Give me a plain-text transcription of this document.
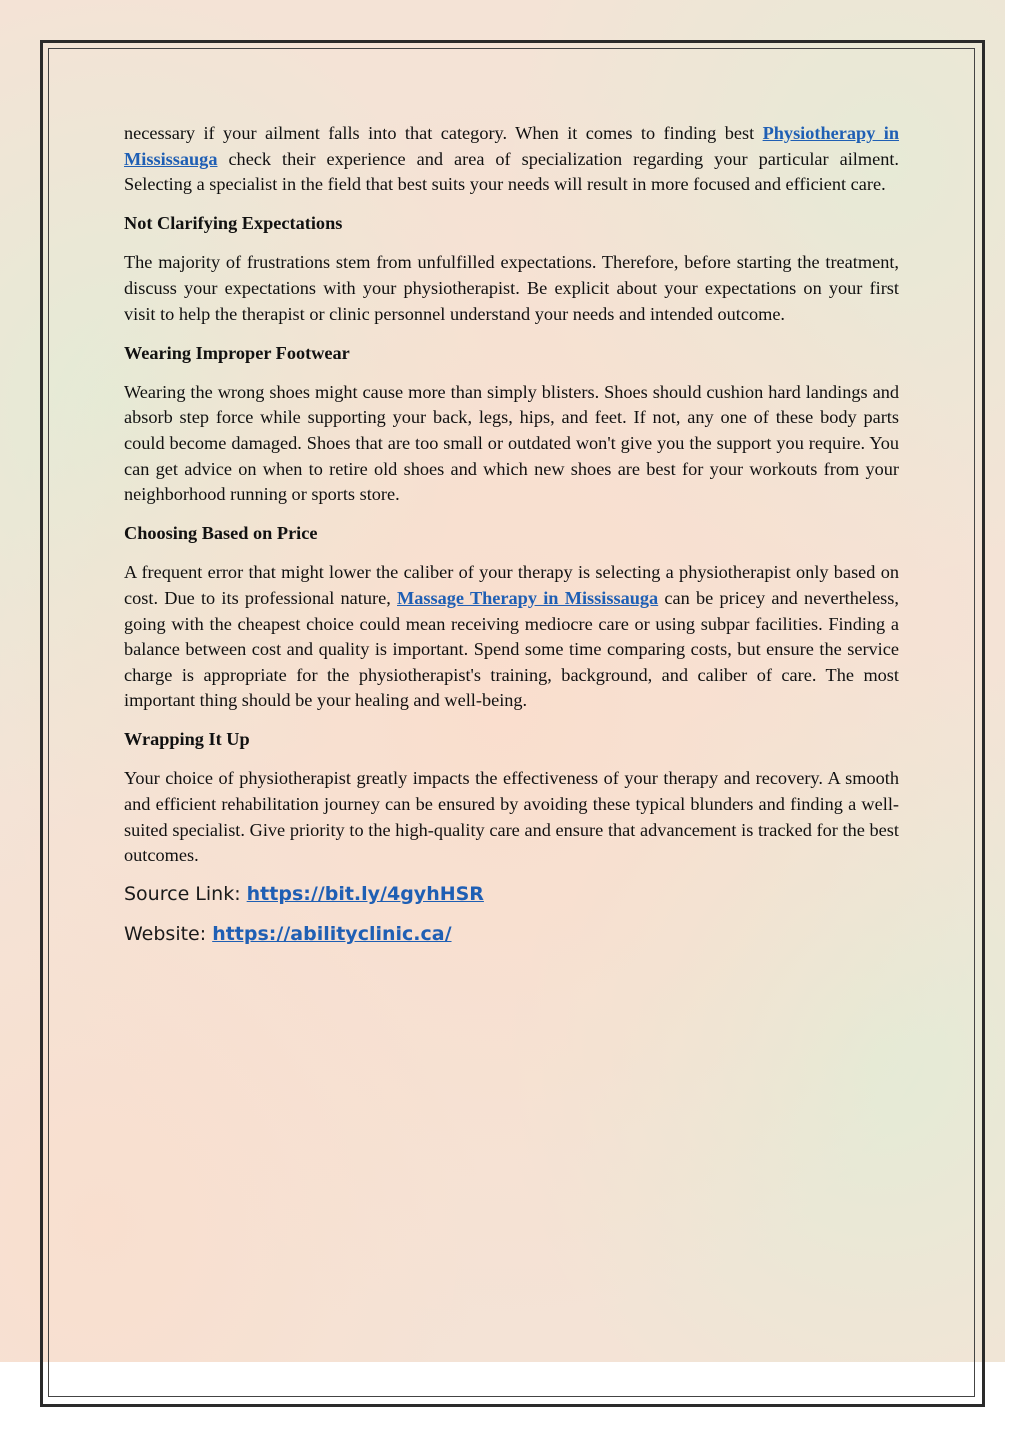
necessary if your ailment falls into that category. When it comes to finding best Physiotherapy in Mississauga check their experience and area of specialization regarding your particular ailment. Selecting a specialist in the field that best suits your needs will result in more focused and efficient care.

Not Clarifying Expectations

The majority of frustrations stem from unfulfilled expectations. Therefore, before starting the treatment, discuss your expectations with your physiotherapist. Be explicit about your expectations on your first visit to help the therapist or clinic personnel understand your needs and intended outcome.

Wearing Improper Footwear

Wearing the wrong shoes might cause more than simply blisters. Shoes should cushion hard landings and absorb step force while supporting your back, legs, hips, and feet. If not, any one of these body parts could become damaged. Shoes that are too small or outdated won't give you the support you require. You can get advice on when to retire old shoes and which new shoes are best for your workouts from your neighborhood running or sports store.

Choosing Based on Price

A frequent error that might lower the caliber of your therapy is selecting a physiotherapist only based on cost. Due to its professional nature, Massage Therapy in Mississauga can be pricey and nevertheless, going with the cheapest choice could mean receiving mediocre care or using subpar facilities. Finding a balance between cost and quality is important. Spend some time comparing costs, but ensure the service charge is appropriate for the physiotherapist's training, background, and caliber of care. The most important thing should be your healing and well-being.

Wrapping It Up

Your choice of physiotherapist greatly impacts the effectiveness of your therapy and recovery. A smooth and efficient rehabilitation journey can be ensured by avoiding these typical blunders and finding a well-suited specialist. Give priority to the high-quality care and ensure that advancement is tracked for the best outcomes.

Source Link: https://bit.ly/4gyhHSR

Website: https://abilityclinic.ca/
